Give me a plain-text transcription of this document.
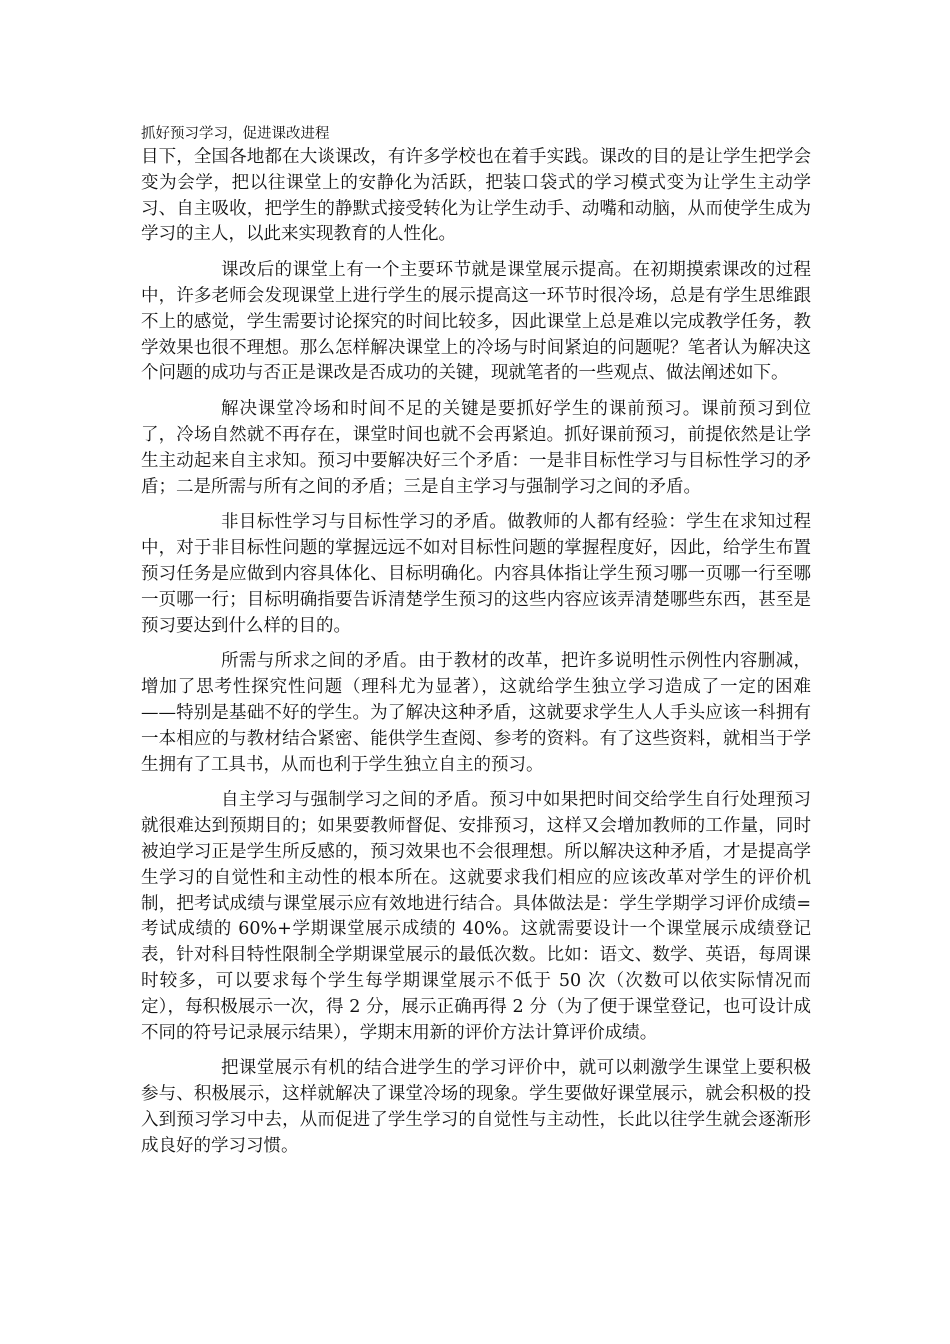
抓好预习学习，促进课改进程

目下，全国各地都在大谈课改，有许多学校也在着手实践。课改的目的是让学生把学会变为会学，把以往课堂上的安静化为活跃，把装口袋式的学习模式变为让学生主动学习、自主吸收，把学生的静默式接受转化为让学生动手、动嘴和动脑，从而使学生成为学习的主人，以此来实现教育的人性化。

课改后的课堂上有一个主要环节就是课堂展示提高。在初期摸索课改的过程中，许多老师会发现课堂上进行学生的展示提高这一环节时很冷场，总是有学生思维跟不上的感觉，学生需要讨论探究的时间比较多，因此课堂上总是难以完成教学任务，教学效果也很不理想。那么怎样解决课堂上的冷场与时间紧迫的问题呢？笔者认为解决这个问题的成功与否正是课改是否成功的关键，现就笔者的一些观点、做法阐述如下。

解决课堂冷场和时间不足的关键是要抓好学生的课前预习。课前预习到位了，冷场自然就不再存在，课堂时间也就不会再紧迫。抓好课前预习，前提依然是让学生主动起来自主求知。预习中要解决好三个矛盾：一是非目标性学习与目标性学习的矛盾；二是所需与所有之间的矛盾；三是自主学习与强制学习之间的矛盾。

非目标性学习与目标性学习的矛盾。做教师的人都有经验：学生在求知过程中，对于非目标性问题的掌握远远不如对目标性问题的掌握程度好，因此，给学生布置预习任务是应做到内容具体化、目标明确化。内容具体指让学生预习哪一页哪一行至哪一页哪一行；目标明确指要告诉清楚学生预习的这些内容应该弄清楚哪些东西，甚至是预习要达到什么样的目的。

所需与所求之间的矛盾。由于教材的改革，把许多说明性示例性内容删减，增加了思考性探究性问题（理科尤为显著），这就给学生独立学习造成了一定的困难——特别是基础不好的学生。为了解决这种矛盾，这就要求学生人人手头应该一科拥有一本相应的与教材结合紧密、能供学生查阅、参考的资料。有了这些资料，就相当于学生拥有了工具书，从而也利于学生独立自主的预习。

自主学习与强制学习之间的矛盾。预习中如果把时间交给学生自行处理预习就很难达到预期目的；如果要教师督促、安排预习，这样又会增加教师的工作量，同时被迫学习正是学生所反感的，预习效果也不会很理想。所以解决这种矛盾，才是提高学生学习的自觉性和主动性的根本所在。这就要求我们相应的应该改革对学生的评价机制，把考试成绩与课堂展示应有效地进行结合。具体做法是：学生学期学习评价成绩=考试成绩的 60%+学期课堂展示成绩的 40%。这就需要设计一个课堂展示成绩登记表，针对科目特性限制全学期课堂展示的最低次数。比如：语文、数学、英语，每周课时较多，可以要求每个学生每学期课堂展示不低于 50 次（次数可以依实际情况而定），每积极展示一次，得 2 分，展示正确再得 2 分（为了便于课堂登记，也可设计成不同的符号记录展示结果），学期末用新的评价方法计算评价成绩。

把课堂展示有机的结合进学生的学习评价中，就可以刺激学生课堂上要积极参与、积极展示，这样就解决了课堂冷场的现象。学生要做好课堂展示，就会积极的投入到预习学习中去，从而促进了学生学习的自觉性与主动性，长此以往学生就会逐渐形成良好的学习习惯。
